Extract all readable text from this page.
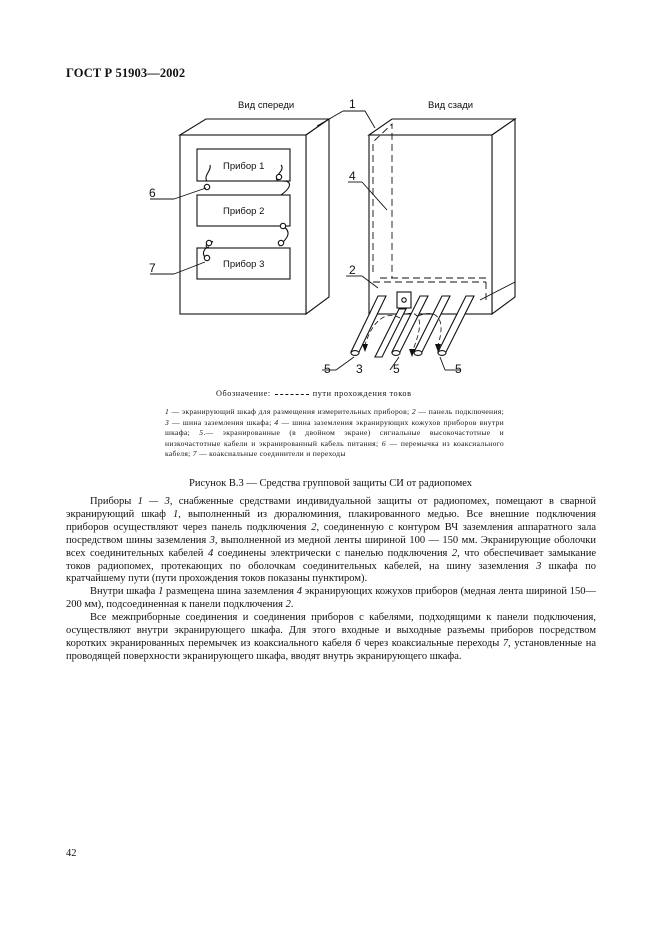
ГОСТ Р 51903—2002
Вид спереди	Вид сзади
Прибор 1
Прибор 2
Прибор 3
1
4
2
6
7
5 3	5	5
Обозначение:	пути прохождения токов
1 — экранирующий шкаф для размещения измерительных приборов; 2 — панель подключения; 3 — шина заземления шкафа; 4 — шина заземления экранирующих кожухов приборов внутри шкафа; 5.— экранированные (в двойном экране) сигнальные высокочастотные и низкочастотные кабели и экранированный кабель питания; 6 — перемычка из коаксиального кабеля; 7 — коаксиальные соединители и переходы
Рисунок В.3 — Средства групповой защиты СИ от радиопомех

Приборы 1 — 3, снабженные средствами индивидуальной защиты от радиопомех, помещают в сварной экранирующий шкаф 1, выполненный из дюралюминия, плакированного медью. Все внешние подключения приборов осуществляют через панель подключения 2, соединенную с контуром ВЧ заземления аппаратного зала посредством шины заземления 3, выполненной из медной ленты шириной 100 — 150 мм. Экранирующие оболочки всех соединительных кабелей 4 соединены электрически с панелью подключения 2, что обеспечивает замыкание токов радиопомех, протекающих по оболочкам соединительных кабелей, на шину заземления 3 шкафа по кратчайшему пути (пути прохождения токов показаны пунктиром).

Внутри шкафа 1 размещена шина заземления 4 экранирующих кожухов приборов (медная лента шириной 150—200 мм), подсоединенная к панели подключения 2.

Все межприборные соединения и соединения приборов с кабелями, подходящими к панели подключения, осуществляют внутри экранирующего шкафа. Для этого входные и выходные разъемы приборов посредством коротких экранированных перемычек из коаксиального кабеля 6 через коаксиальные переходы 7, установленные на проводящей поверхности экранирующего шкафа, вводят внутрь экранирующего шкафа.

42
